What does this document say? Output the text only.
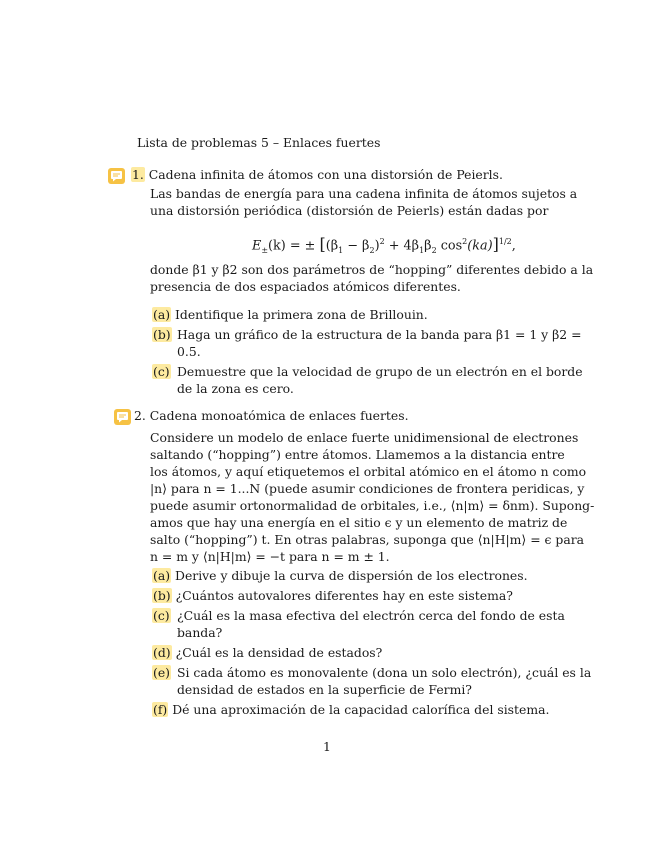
Lista de problemas 5 – Enlaces fuertes
1. Cadena infinita de átomos con una distorsión de Peierls.
Las bandas de energía para una cadena infinita de átomos sujetos a
una distorsión periódica (distorsión de Peierls) están dadas por
$E_\pm(k)$ = ± [$(\beta_1 - \beta_2)^2 + 4\beta_1\beta_2$ $\cos^2(ka)]^{1/2}$,
donde β1 y β2 son dos parámetros de “hopping” diferentes debido a la
presencia de dos espaciados atómicos diferentes.
(a) Identifique la primera zona de Brillouin.
(b) Haga un gráfico de la estructura de la banda para β1 = 1 y β2 =
0.5.
(c) Demuestre que la velocidad de grupo de un electrón en el borde
de la zona es cero.
2. Cadena monoatómica de enlaces fuertes.
Considere un modelo de enlace fuerte unidimensional de electrones
saltando (“hopping”) entre átomos. Llamemos a la distancia entre
los átomos, y aquí etiquetemos el orbital atómico en el átomo n como
|n⟩ para n = 1...N (puede asumir condiciones de frontera peridicas, y
puede asumir ortonormalidad de orbitales, i.e., ⟨n|m⟩ = δnm). Supong-
amos que hay una energía en el sitio ϵ y un elemento de matriz de
salto (“hopping”) t. En otras palabras, suponga que ⟨n|H|m⟩ = ϵ para
n = m y ⟨n|H|m⟩ = −t para n = m ± 1.
(a) Derive y dibuje la curva de dispersión de los electrones.
(b) ¿Cuántos autovalores diferentes hay en este sistema?
(c) ¿Cuál es la masa efectiva del electrón cerca del fondo de esta
banda?
(d) ¿Cuál es la densidad de estados?
(e) Si cada átomo es monovalente (dona un solo electrón), ¿cuál es la
densidad de estados en la superficie de Fermi?
(f) Dé una aproximación de la capacidad calorífica del sistema.
1
